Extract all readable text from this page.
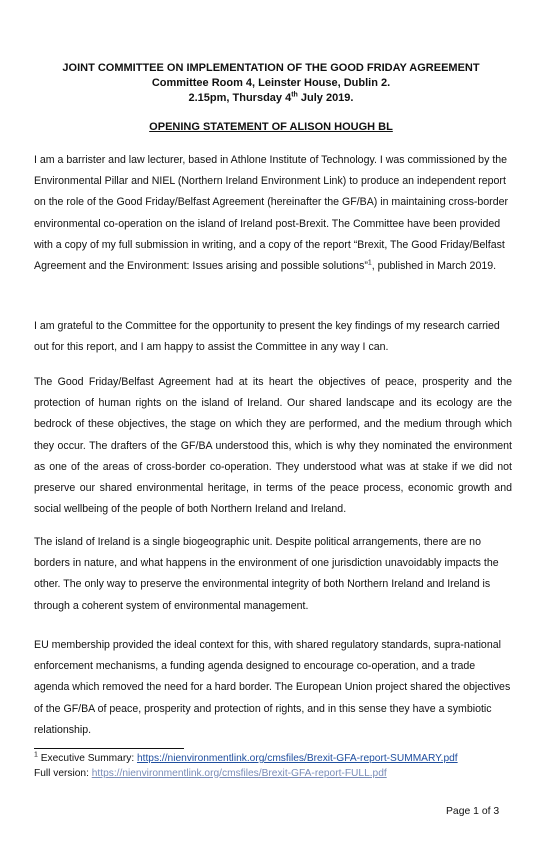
JOINT COMMITTEE ON IMPLEMENTATION OF THE GOOD FRIDAY AGREEMENT
Committee Room 4, Leinster House, Dublin 2.
2.15pm, Thursday 4th July 2019.
OPENING STATEMENT OF ALISON HOUGH BL

I am a barrister and law lecturer, based in Athlone Institute of Technology. I was commissioned by the Environmental Pillar and NIEL (Northern Ireland Environment Link) to produce an independent report on the role of the Good Friday/Belfast Agreement (hereinafter the GF/BA) in maintaining cross-border environmental co-operation on the island of Ireland post-Brexit. The Committee have been provided with a copy of my full submission in writing, and a copy of the report “Brexit, The Good Friday/Belfast Agreement and the Environment: Issues arising and possible solutions”$^1$, published in March 2019.

I am grateful to the Committee for the opportunity to present the key findings of my research carried out for this report, and I am happy to assist the Committee in any way I can.

The Good Friday/Belfast Agreement had at its heart the objectives of peace, prosperity and the protection of human rights on the island of Ireland. Our shared landscape and its ecology are the bedrock of these objectives, the stage on which they are performed, and the medium through which they occur. The drafters of the GF/BA understood this, which is why they nominated the environment as one of the areas of cross-border co-operation. They understood what was at stake if we did not preserve our shared environmental heritage, in terms of the peace process, economic growth and social wellbeing of the people of both Northern Ireland and Ireland.

The island of Ireland is a single biogeographic unit. Despite political arrangements, there are no borders in nature, and what happens in the environment of one jurisdiction unavoidably impacts the other. The only way to preserve the environmental integrity of both Northern Ireland and Ireland is through a coherent system of environmental management.

EU membership provided the ideal context for this, with shared regulatory standards, supra-national enforcement mechanisms, a funding agenda designed to encourage co-operation, and a trade agenda which removed the need for a hard border. The European Union project shared the objectives of the GF/BA of peace, prosperity and protection of rights, and in this sense they have a symbiotic relationship.

$^1$ Executive Summary: https://nienvironmentlink.org/cmsfiles/Brexit-GFA-report-SUMMARY.pdf
Full version: https://nienvironmentlink.org/cmsfiles/Brexit-GFA-report-FULL.pdf
Page 1 of 3
